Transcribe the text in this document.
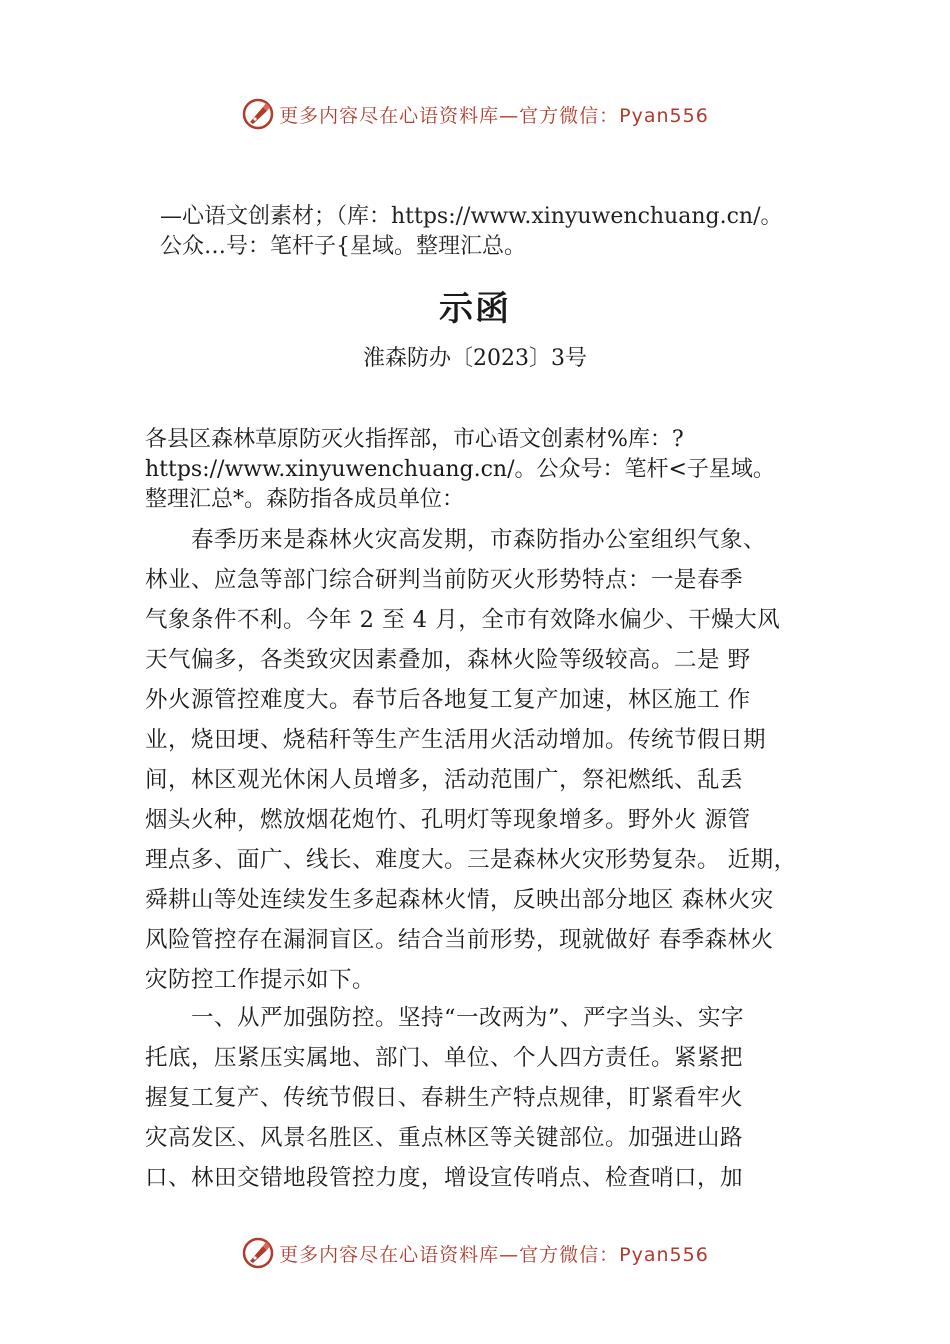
更多内容尽在心语资料库—官方微信：Pyan556
—心语文创素材；（库：https://www.xinyuwenchuang.cn/。
公众…号：笔杆子{星域。整理汇总。
示函
淮森防办〔2023〕3号
各县区森林草原防灭火指挥部，市心语文创素材%库：?
https://www.xinyuwenchuang.cn/。公众号：笔杆<子星域。
整理汇总*。森防指各成员单位：
　　春季历来是森林火灾高发期，市森防指办公室组织气象、
林业、应急等部门综合研判当前防灭火形势特点：一是春季
气象条件不利。今年 2 至 4 月，全市有效降水偏少、干燥大风
天气偏多，各类致灾因素叠加，森林火险等级较高。二是 野
外火源管控难度大。春节后各地复工复产加速，林区施工 作
业，烧田埂、烧秸秆等生产生活用火活动增加。传统节假日期
间，林区观光休闲人员增多，活动范围广，祭祀燃纸、乱丢
烟头火种，燃放烟花炮竹、孔明灯等现象增多。野外火 源管
理点多、面广、线长、难度大。三是森林火灾形势复杂。 近期，
舜耕山等处连续发生多起森林火情，反映出部分地区 森林火灾
风险管控存在漏洞盲区。结合当前形势，现就做好 春季森林火
灾防控工作提示如下。
　　一、从严加强防控。坚持“一改两为”、严字当头、实字
托底，压紧压实属地、部门、单位、个人四方责任。紧紧把
握复工复产、传统节假日、春耕生产特点规律，盯紧看牢火
灾高发区、风景名胜区、重点林区等关键部位。加强进山路
口、林田交错地段管控力度，增设宣传哨点、检查哨口，加
更多内容尽在心语资料库—官方微信：Pyan556
